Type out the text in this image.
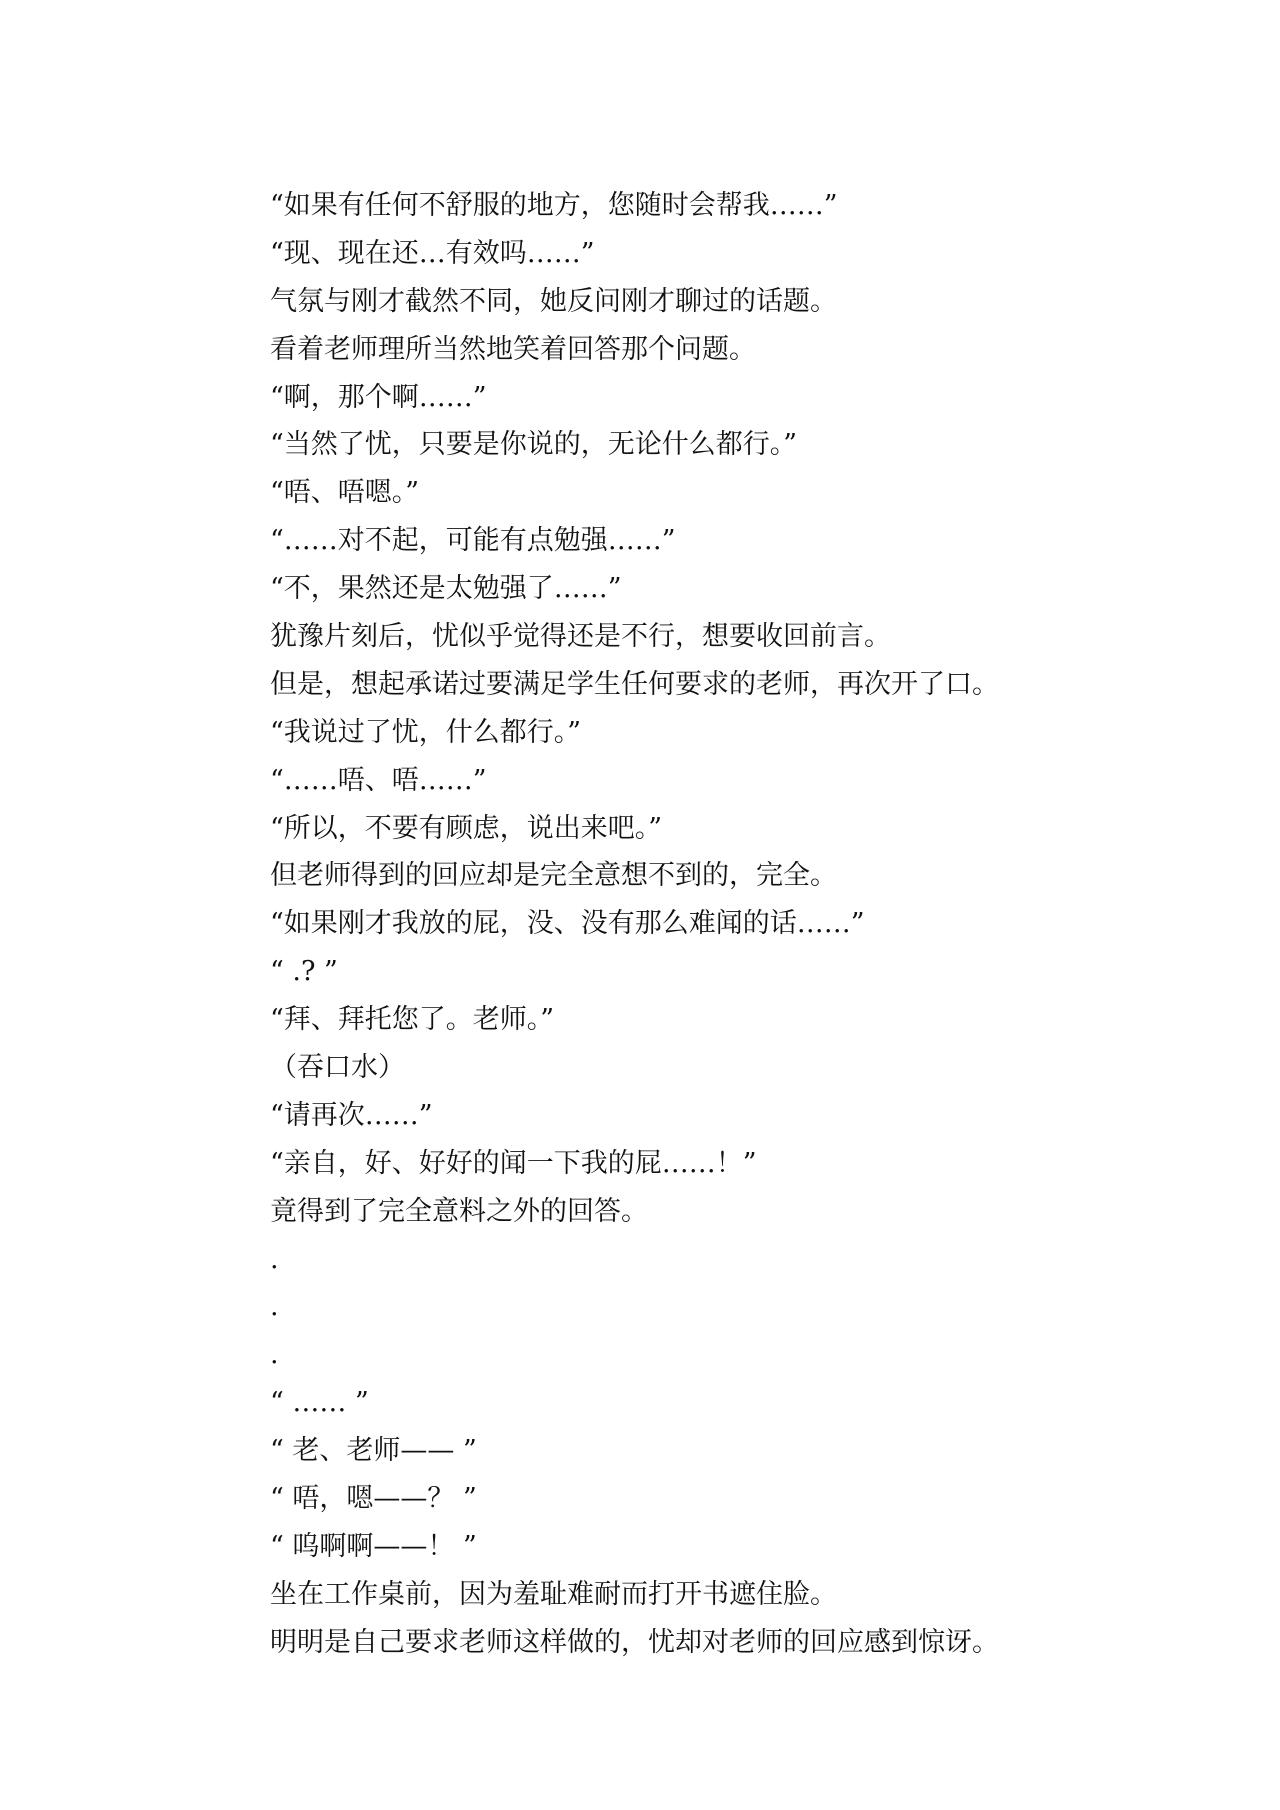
“如果有任何不舒服的地方，您随时会帮我……”
“现、现在还…有效吗……”
气氛与刚才截然不同，她反问刚才聊过的话题。
看着老师理所当然地笑着回答那个问题。
“啊，那个啊……”
“当然了忧，只要是你说的，无论什么都行。”
“唔、唔嗯。”
“……对不起，可能有点勉强……”
“不，果然还是太勉强了……”
犹豫片刻后，忧似乎觉得还是不行，想要收回前言。
但是，想起承诺过要满足学生任何要求的老师，再次开了口。
“我说过了忧，什么都行。”
“……唔、唔……”
“所以，不要有顾虑，说出来吧。”
但老师得到的回应却是完全意想不到的，完全。
“如果刚才我放的屁，没、没有那么难闻的话……”
“ .? ”
“拜、拜托您了。老师。”
（吞口水）
“请再次……”
“亲自，好、好好的闻一下我的屁……！”
竟得到了完全意料之外的回答。
.
.
.
“ …… ”
“ 老、老师—— ”
“ 唔，嗯——？ ”
“ 呜啊啊——！ ”
坐在工作桌前，因为羞耻难耐而打开书遮住脸。
明明是自己要求老师这样做的，忧却对老师的回应感到惊讶。
